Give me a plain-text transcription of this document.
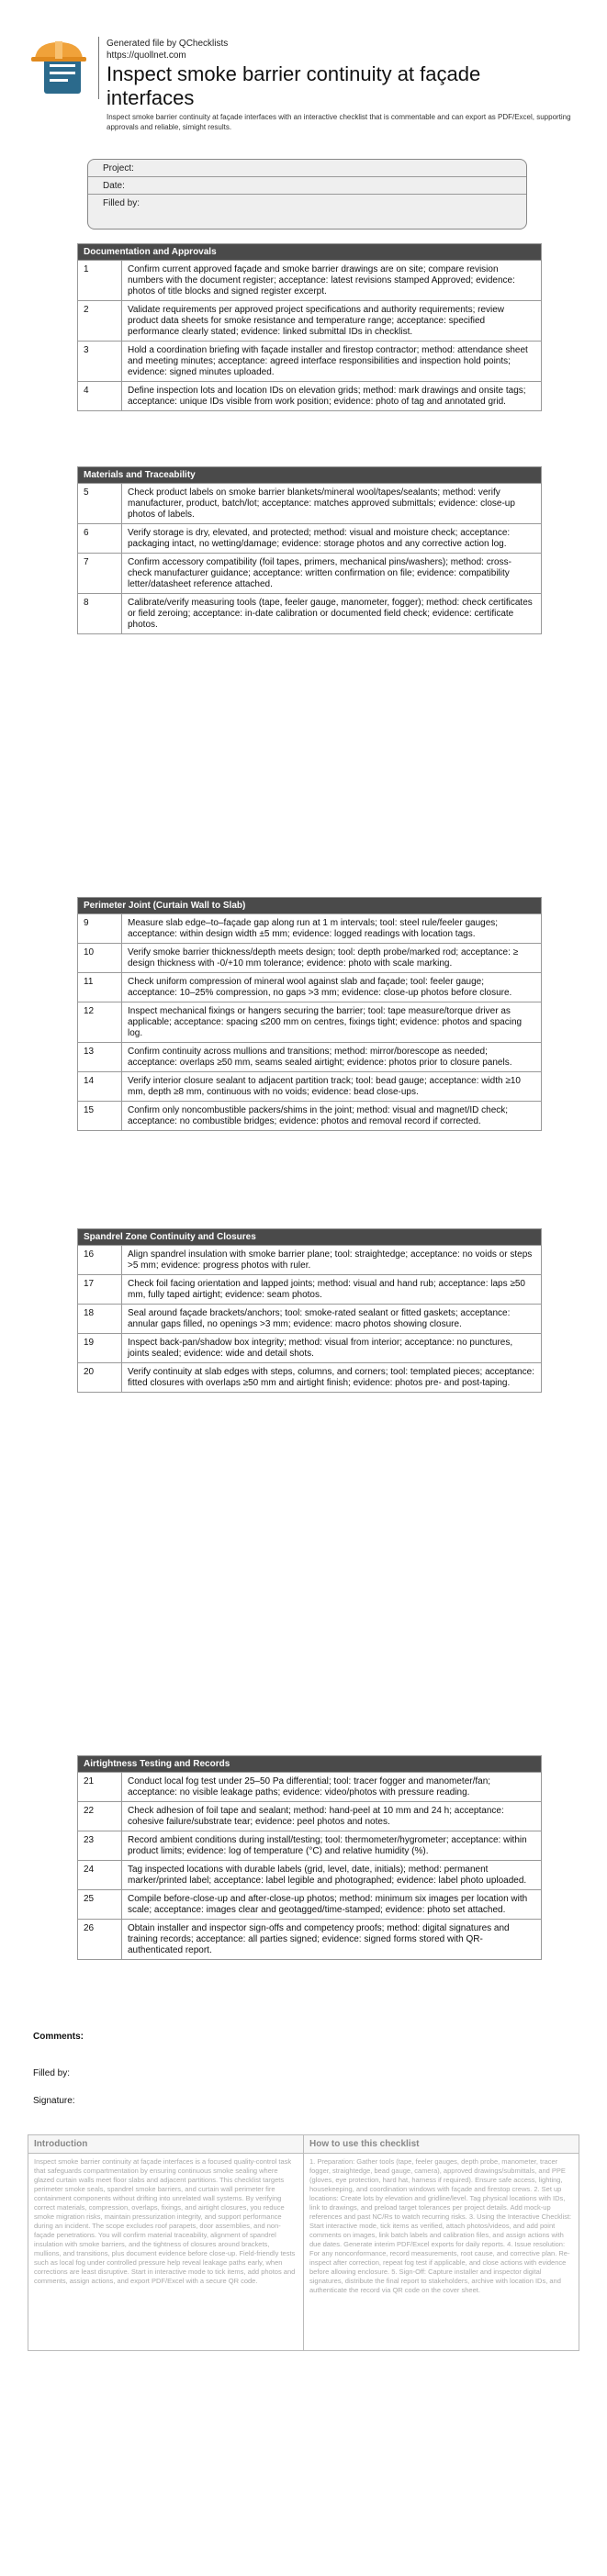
Generated file by QChecklists
https://quollnet.com
Inspect smoke barrier continuity at façade interfaces
Inspect smoke barrier continuity at façade interfaces with an interactive checklist that is commentable and can export as PDF/Excel, supporting approvals and reliable, simight results.
Project:
Date:
Filled by:
Documentation and Approvals
1	Confirm current approved façade and smoke barrier drawings are on site; compare revision numbers with the document register; acceptance: latest revisions stamped Approved; evidence: photos of title blocks and signed register excerpt.
2	Validate requirements per approved project specifications and authority requirements; review product data sheets for smoke resistance and temperature range; acceptance: specified performance clearly stated; evidence: linked submittal IDs in checklist.
3	Hold a coordination briefing with façade installer and firestop contractor; method: attendance sheet and meeting minutes; acceptance: agreed interface responsibilities and inspection hold points; evidence: signed minutes uploaded.
4	Define inspection lots and location IDs on elevation grids; method: mark drawings and onsite tags; acceptance: unique IDs visible from work position; evidence: photo of tag and annotated grid.
Materials and Traceability
5	Check product labels on smoke barrier blankets/mineral wool/tapes/sealants; method: verify manufacturer, product, batch/lot; acceptance: matches approved submittals; evidence: close-up photos of labels.
6	Verify storage is dry, elevated, and protected; method: visual and moisture check; acceptance: packaging intact, no wetting/damage; evidence: storage photos and any corrective action log.
7	Confirm accessory compatibility (foil tapes, primers, mechanical pins/washers); method: cross-check manufacturer guidance; acceptance: written confirmation on file; evidence: compatibility letter/datasheet reference attached.
8	Calibrate/verify measuring tools (tape, feeler gauge, manometer, fogger); method: check certificates or field zeroing; acceptance: in-date calibration or documented field check; evidence: certificate photos.
Perimeter Joint (Curtain Wall to Slab)
9	Measure slab edge–to–façade gap along run at 1 m intervals; tool: steel rule/feeler gauges; acceptance: within design width ±5 mm; evidence: logged readings with location tags.
10	Verify smoke barrier thickness/depth meets design; tool: depth probe/marked rod; acceptance: ≥ design thickness with -0/+10 mm tolerance; evidence: photo with scale marking.
11	Check uniform compression of mineral wool against slab and façade; tool: feeler gauge; acceptance: 10–25% compression, no gaps >3 mm; evidence: close-up photos before closure.
12	Inspect mechanical fixings or hangers securing the barrier; tool: tape measure/torque driver as applicable; acceptance: spacing ≤200 mm on centres, fixings tight; evidence: photos and spacing log.
13	Confirm continuity across mullions and transitions; method: mirror/borescope as needed; acceptance: overlaps ≥50 mm, seams sealed airtight; evidence: photos prior to closure panels.
14	Verify interior closure sealant to adjacent partition track; tool: bead gauge; acceptance: width ≥10 mm, depth ≥8 mm, continuous with no voids; evidence: bead close-ups.
15	Confirm only noncombustible packers/shims in the joint; method: visual and magnet/ID check; acceptance: no combustible bridges; evidence: photos and removal record if corrected.
Spandrel Zone Continuity and Closures
16	Align spandrel insulation with smoke barrier plane; tool: straightedge; acceptance: no voids or steps >5 mm; evidence: progress photos with ruler.
17	Check foil facing orientation and lapped joints; method: visual and hand rub; acceptance: laps ≥50 mm, fully taped airtight; evidence: seam photos.
18	Seal around façade brackets/anchors; tool: smoke-rated sealant or fitted gaskets; acceptance: annular gaps filled, no openings >3 mm; evidence: macro photos showing closure.
19	Inspect back-pan/shadow box integrity; method: visual from interior; acceptance: no punctures, joints sealed; evidence: wide and detail shots.
20	Verify continuity at slab edges with steps, columns, and corners; tool: templated pieces; acceptance: fitted closures with overlaps ≥50 mm and airtight finish; evidence: photos pre- and post-taping.
Airtightness Testing and Records
21	Conduct local fog test under 25–50 Pa differential; tool: tracer fogger and manometer/fan; acceptance: no visible leakage paths; evidence: video/photos with pressure reading.
22	Check adhesion of foil tape and sealant; method: hand-peel at 10 mm and 24 h; acceptance: cohesive failure/substrate tear; evidence: peel photos and notes.
23	Record ambient conditions during install/testing; tool: thermometer/hygrometer; acceptance: within product limits; evidence: log of temperature (°C) and relative humidity (%).
24	Tag inspected locations with durable labels (grid, level, date, initials); method: permanent marker/printed label; acceptance: label legible and photographed; evidence: label photo uploaded.
25	Compile before-close-up and after-close-up photos; method: minimum six images per location with scale; acceptance: images clear and geotagged/time-stamped; evidence: photo set attached.
26	Obtain installer and inspector sign-offs and competency proofs; method: digital signatures and training records; acceptance: all parties signed; evidence: signed forms stored with QR-authenticated report.
Comments:
Filled by:
Signature:
Introduction
Inspect smoke barrier continuity at façade interfaces is a focused quality-control task that safeguards compartmentation by ensuring continuous smoke sealing where glazed curtain walls meet floor slabs and adjacent partitions. This checklist targets perimeter smoke seals, spandrel smoke barriers, and curtain wall perimeter fire containment components without drifting into unrelated wall systems. By verifying correct materials, compression, overlaps, fixings, and airtight closures, you reduce smoke migration risks, maintain pressurization integrity, and support performance during an incident. The scope excludes roof parapets, door assemblies, and non-façade penetrations. You will confirm material traceability, alignment of spandrel insulation with smoke barriers, and the tightness of closures around brackets, mullions, and transitions, plus document evidence before close-up. Field-friendly tests such as local fog under controlled pressure help reveal leakage paths early, when corrections are least disruptive. Start in interactive mode to tick items, add photos and comments, assign actions, and export PDF/Excel with a secure QR code.
How to use this checklist
1. Preparation: Gather tools (tape, feeler gauges, depth probe, manometer, tracer fogger, straightedge, bead gauge, camera), approved drawings/submittals, and PPE (gloves, eye protection, hard hat, harness if required). Ensure safe access, lighting, housekeeping, and coordination windows with façade and firestop crews. 2. Set up locations: Create lots by elevation and gridline/level. Tag physical locations with IDs, link to drawings, and preload target tolerances per project details. Add mock-up references and past NC/Rs to watch recurring risks. 3. Using the Interactive Checklist: Start interactive mode, tick items as verified, attach photos/videos, and add point comments on images, link batch labels and calibration files, and assign actions with due dates. Generate interim PDF/Excel exports for daily reports. 4. Issue resolution: For any nonconformance, record measurements, root cause, and corrective plan. Re-inspect after correction, repeat fog test if applicable, and close actions with evidence before allowing enclosure. 5. Sign-Off: Capture installer and inspector digital signatures, distribute the final report to stakeholders, archive with location IDs, and authenticate the record via QR code on the cover sheet.
